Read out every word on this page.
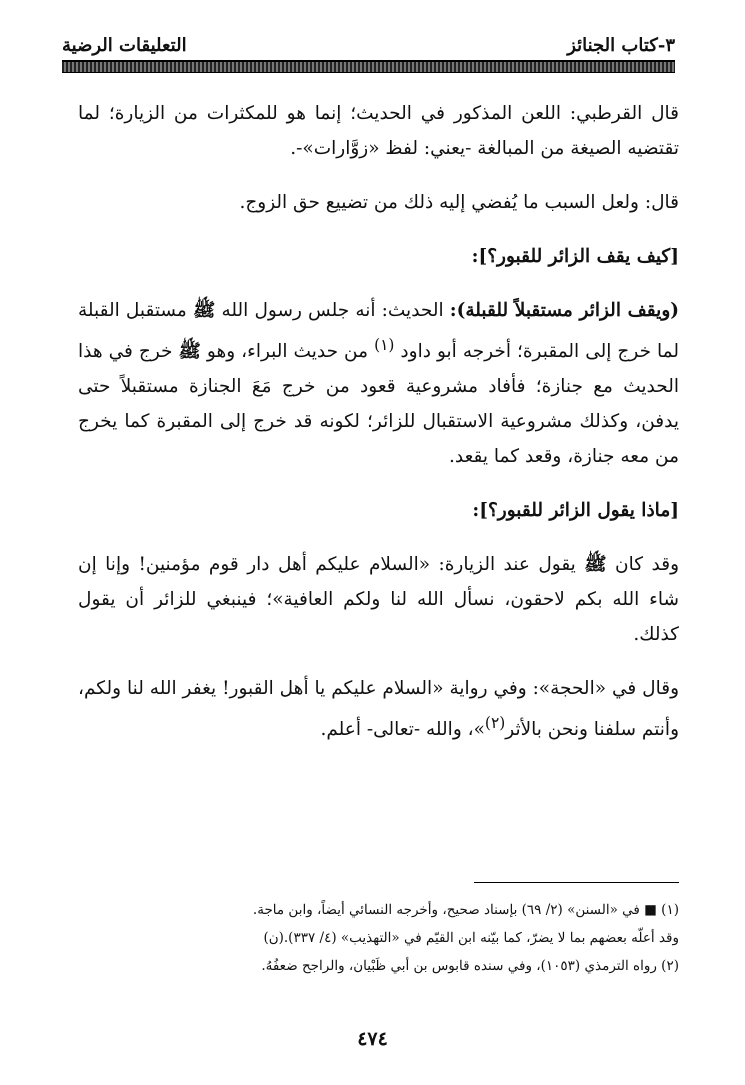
٣-كتاب الجنائز
التعليقات الرضية

قال القرطبي: اللعن المذكور في الحديث؛ إنما هو للمكثرات من الزيارة؛ لما تقتضيه الصيغة من المبالغة -يعني: لفظ «زوَّارات»-.

قال: ولعل السبب ما يُفضي إليه ذلك من تضييع حق الزوج.

[كيف يقف الزائر للقبور؟]:

(ويقف الزائر مستقبلاً للقبلة): الحديث: أنه جلس رسول الله ﷺ مستقبل القبلة لما خرج إلى المقبرة؛ أخرجه أبو داود $^{(١)}$ من حديث البراء، وهو ﷺ خرج في هذا الحديث مع جنازة؛ فأفاد مشروعية قعود من خرج مَعَ الجنازة مستقبلاً حتى يدفن، وكذلك مشروعية الاستقبال للزائر؛ لكونه قد خرج إلى المقبرة كما يخرج من معه جنازة، وقعد كما يقعد.

[ماذا يقول الزائر للقبور؟]:

وقد كان ﷺ يقول عند الزيارة: «السلام عليكم أهل دار قوم مؤمنين! وإنا إن شاء الله بكم لاحقون، نسأل الله لنا ولكم العافية»؛ فينبغي للزائر أن يقول كذلك.

وقال في «الحجة»: وفي رواية «السلام عليكم يا أهل القبور! يغفر الله لنا ولكم، وأنتم سلفنا ونحن بالأثر$^{(٢)}$»، والله -تعالى- أعلم.

(١) ■ في «السنن» (٢/ ٦٩) بإسناد صحيح، وأخرجه النسائي أيضاً، وابن ماجة.
وقد أعلّه بعضهم بما لا يضرّ، كما بيّنه ابن القيّم في «التهذيب» (٤/ ٣٣٧).(ن)
(٢) رواه الترمذي (١٠٥٣)، وفي سنده قابوس بن أبي ظَبْيان، والراجح ضعفُهُ.
٤٧٤
